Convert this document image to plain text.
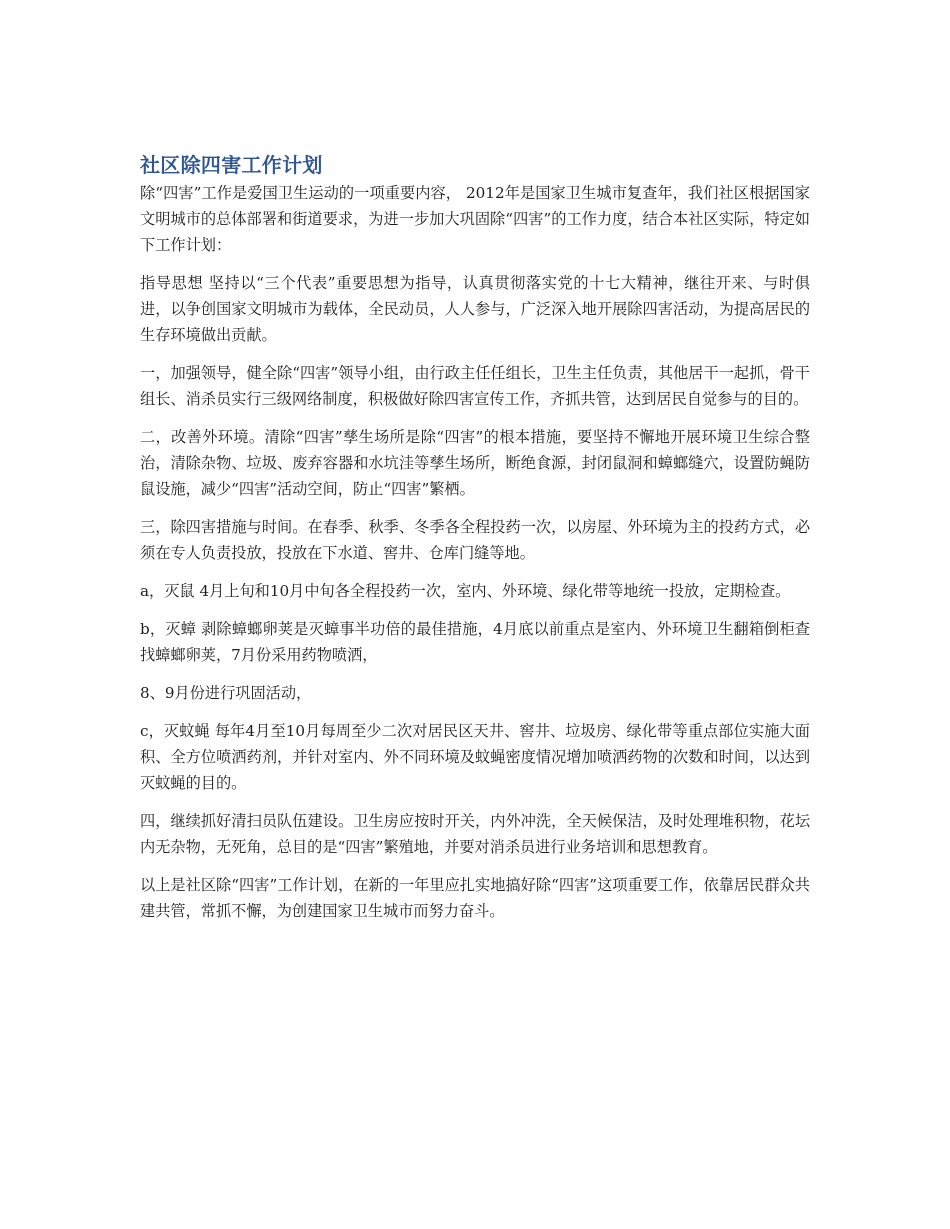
社区除四害工作计划

除“四害”工作是爱国卫生运动的一项重要内容， 2012年是国家卫生城市复查年，我们社区根据国家文明城市的总体部署和街道要求，为进一步加大巩固除“四害”的工作力度，结合本社区实际，特定如下工作计划：

指导思想 坚持以“三个代表”重要思想为指导，认真贯彻落实党的十七大精神，继往开来、与时俱进，以争创国家文明城市为载体，全民动员，人人参与，广泛深入地开展除四害活动，为提高居民的生存环境做出贡献。

一，加强领导，健全除“四害”领导小组，由行政主任任组长，卫生主任负责，其他居干一起抓，骨干组长、消杀员实行三级网络制度，积极做好除四害宣传工作，齐抓共管，达到居民自觉参与的目的。

二，改善外环境。清除“四害”孳生场所是除“四害”的根本措施，要坚持不懈地开展环境卫生综合整治，清除杂物、垃圾、废弃容器和水坑洼等孳生场所，断绝食源，封闭鼠洞和蟑螂缝穴，设置防蝇防鼠设施，减少“四害”活动空间，防止“四害”繁栖。

三，除四害措施与时间。在春季、秋季、冬季各全程投药一次，以房屋、外环境为主的投药方式，必须在专人负责投放，投放在下水道、窖井、仓库门缝等地。

a，灭鼠 4月上旬和10月中旬各全程投药一次，室内、外环境、绿化带等地统一投放，定期检查。

b，灭蟑 剥除蟑螂卵荚是灭蟑事半功倍的最佳措施，4月底以前重点是室内、外环境卫生翻箱倒柜查找蟑螂卵荚，7月份采用药物喷洒，

8、9月份进行巩固活动，

c，灭蚊蝇 每年4月至10月每周至少二次对居民区天井、窖井、垃圾房、绿化带等重点部位实施大面积、全方位喷洒药剂，并针对室内、外不同环境及蚊蝇密度情况增加喷洒药物的次数和时间，以达到灭蚊蝇的目的。

四，继续抓好清扫员队伍建设。卫生房应按时开关，内外冲洗，全天候保洁，及时处理堆积物，花坛内无杂物，无死角，总目的是“四害”繁殖地，并要对消杀员进行业务培训和思想教育。

以上是社区除“四害”工作计划，在新的一年里应扎实地搞好除“四害”这项重要工作，依靠居民群众共建共管，常抓不懈，为创建国家卫生城市而努力奋斗。
